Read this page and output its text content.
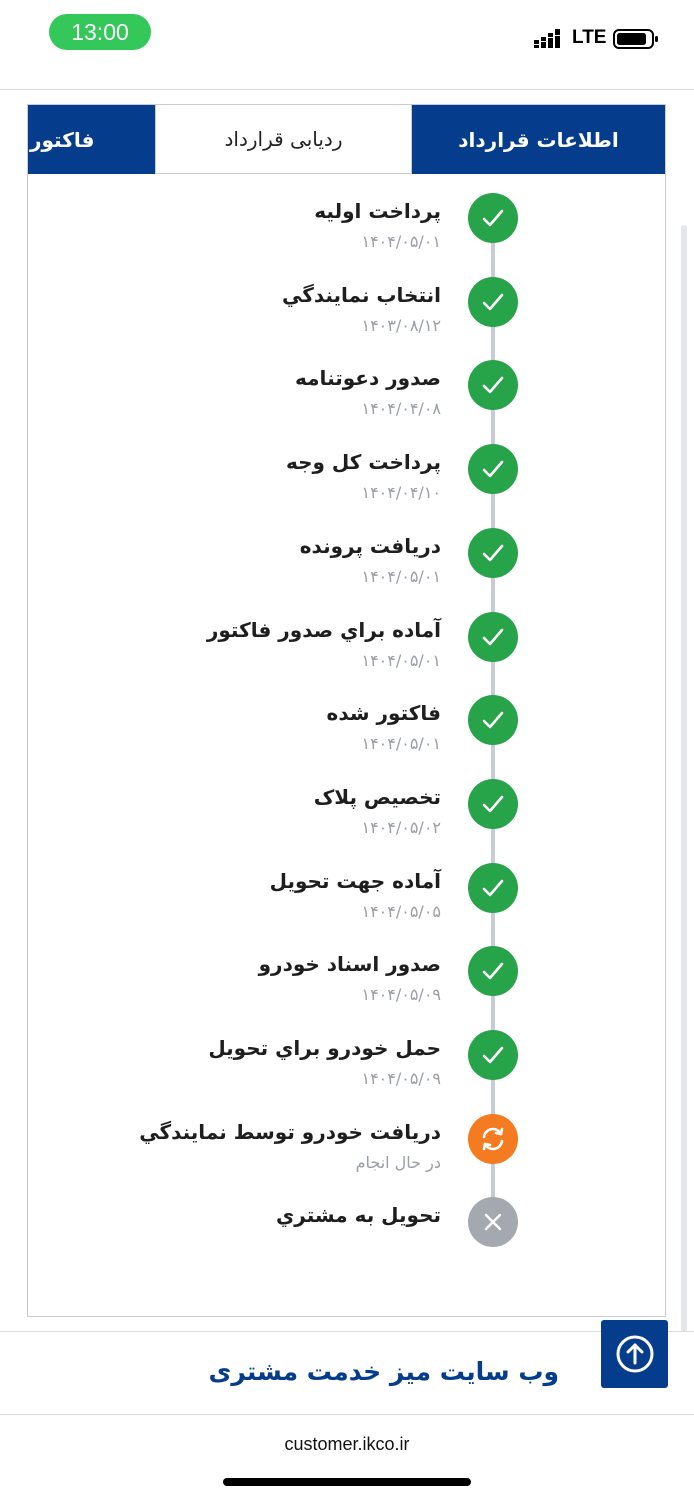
13:00	LTE
اطلاعات قرارداد
ردیابی قرارداد
فاکتور
پرداخت اوليه
۱۴۰۴/۰۵/۰۱
انتخاب نمايندگي
۱۴۰۳/۰۸/۱۲
صدور دعوتنامه
۱۴۰۴/۰۴/۰۸
پرداخت کل وجه
۱۴۰۴/۰۴/۱۰
دريافت پرونده
۱۴۰۴/۰۵/۰۱
آماده براي صدور فاكتور
۱۴۰۴/۰۵/۰۱
فاكتور شده
۱۴۰۴/۰۵/۰۱
تخصيص پلاک
۱۴۰۴/۰۵/۰۲
آماده جهت تحويل
۱۴۰۴/۰۵/۰۵
صدور اسناد خودرو
۱۴۰۴/۰۵/۰۹
حمل خودرو براي تحويل
۱۴۰۴/۰۵/۰۹
دريافت خودرو توسط نمايندگي
در حال انجام
تحويل به مشتري
وب سایت میز خدمت مشتری
customer.ikco.ir
